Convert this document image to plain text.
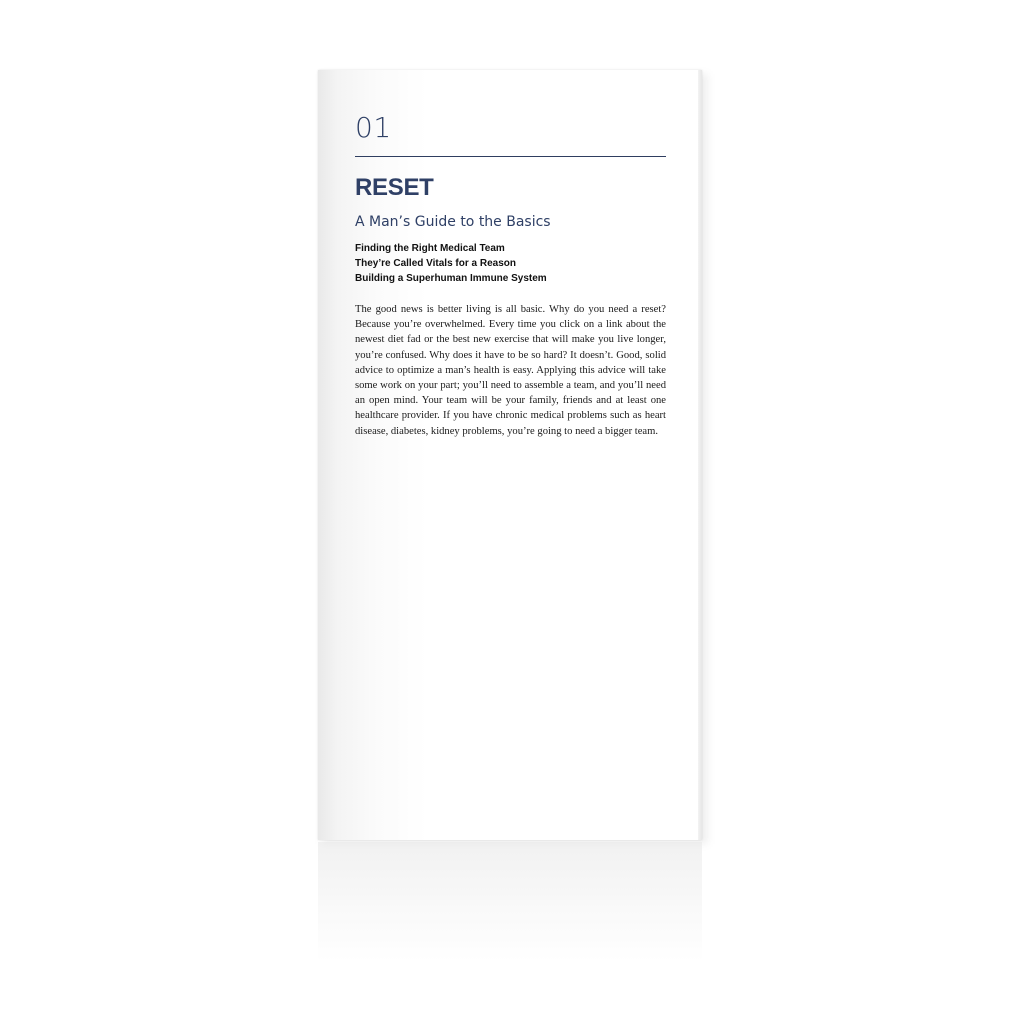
01
RESET
A Man’s Guide to the Basics
Finding the Right Medical Team
They’re Called Vitals for a Reason
Building a Superhuman Immune System

The good news is better living is all basic. Why do you need a reset? Because you’re overwhelmed. Every time you click on a link about the newest diet fad or the best new exercise that will make you live longer, you’re confused. Why does it have to be so hard? It doesn’t. Good, solid advice to optimize a man’s health is easy. Applying this advice will take some work on your part; you’ll need to assemble a team, and you’ll need an open mind. Your team will be your family, friends and at least one healthcare provider. If you have chronic medical problems such as heart disease, diabetes, kidney problems, you’re going to need a bigger team.
